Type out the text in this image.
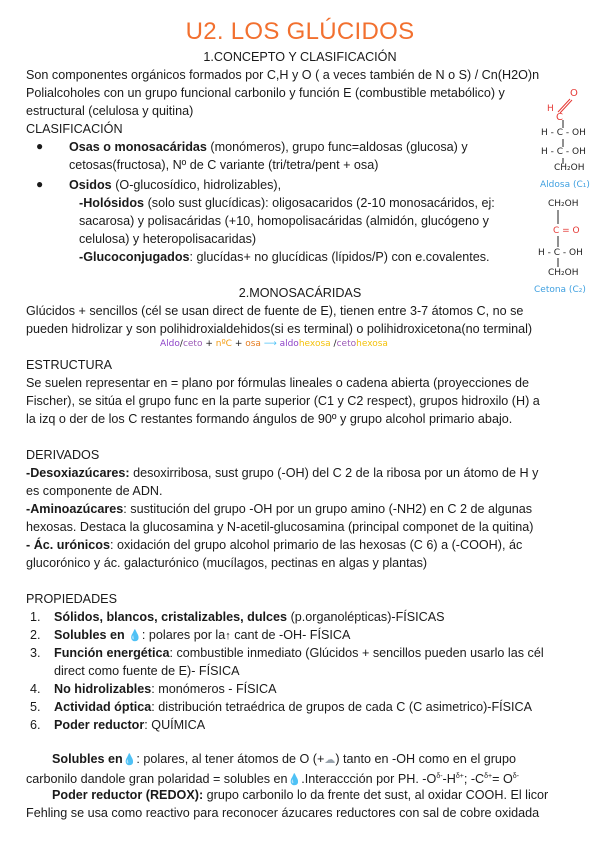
U2. LOS GLÚCIDOS
1.CONCEPTO Y CLASIFICACIÓN
Son componentes orgánicos formados por C,H y O ( a veces también de N o S) / Cn(H2O)n
Polialcoholes con un grupo funcional carbonilo y función E (combustible metabólico) y
estructural (celulosa y quitina)
CLASIFICACIÓN
● Osas o monosacáridas (monómeros), grupo func=aldosas (glucosa) y
cetosas(fructosa), Nº de C variante (tri/tetra/pent + osa)
● Osidos (O-glucosídico, hidrolizables),
-Holósidos (solo sust glucídicas): oligosacaridos (2-10 monosacáridos, ej:
sacarosa) y polisacáridas (+10, homopolisacáridas (almidón, glucógeno y
celulosa) y heteropolisacaridas)
-Glucoconjugados: glucídas+ no glucídicas (lípidos/P) con e.covalentes.
2.MONOSACÁRIDAS
Glúcidos + sencillos (cél se usan direct de fuente de E), tienen entre 3-7 átomos C, no se
pueden hidrolizar y son polihidroxialdehidos(si es terminal) o polihidroxicetona(no terminal)
Aldo/ceto + nºC + osa ⟶ aldohexosa /cetohexosa
ESTRUCTURA
Se suelen representar en = plano por fórmulas lineales o cadena abierta (proyecciones de
Fischer), se sitúa el grupo func en la parte superior (C1 y C2 respect), grupos hidroxilo (H) a
la izq o der de los C restantes formando ángulos de 90º y grupo alcohol primario abajo.
DERIVADOS
-Desoxiazúcares: desoxirribosa, sust grupo (-OH) del C 2 de la ribosa por un átomo de H y
es componente de ADN.
-Aminoazúcares: sustitución del grupo -OH por un grupo amino (-NH2) en C 2 de algunas
hexosas. Destaca la glucosamina y N-acetil-glucosamina (principal componet de la quitina)
- Ác. urónicos: oxidación del grupo alcohol primario de las hexosas (C 6) a (-COOH), ác
glucorónico y ác. galacturónico (mucílagos, pectinas en algas y plantas)
PROPIEDADES
1. Sólidos, blancos, cristalizables, dulces (p.organolépticas)-FÍSICAS
2. Solubles en 💧: polares por la↑ cant de -OH- FÍSICA
3. Función energética: combustible inmediato (Glúcidos + sencillos pueden usarlo las cél
direct como fuente de E)- FÍSICA
4. No hidrolizables: monómeros - FÍSICA
5. Actividad óptica: distribución tetraédrica de grupos de cada C (C asimetrico)-FÍSICA
6. Poder reductor: QUÍMICA
Solubles en💧: polares, al tener átomos de O (+☁) tanto en -OH como en el grupo
carbonilo dandole gran polaridad = solubles en💧.Interaccción por PH. $-O^{\delta-}-H^{\delta+}$; $-C^{\delta+}= O^{\delta-}$
Poder reductor (REDOX): grupo carbonilo lo da frente det sust, al oxidar COOH. El licor
Fehling se usa como reactivo para reconocer ázucares reductores con sal de cobre oxidada
O
H
C
H - C - OH
H - C - OH
CH₂OH
Aldosa (C₁)
CH₂OH
C = O
H - C - OH
CH₂OH
Cetona (C₂)
